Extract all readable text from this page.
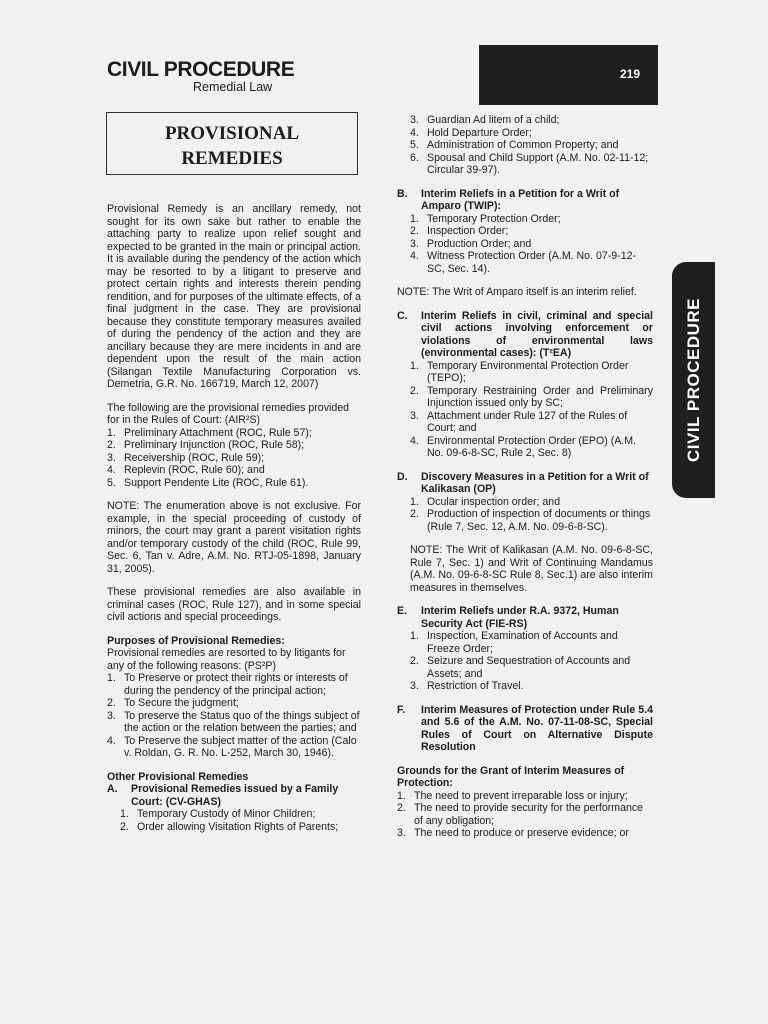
CIVIL PROCEDURE
Remedial Law
219
PROVISIONAL
REMEDIES
CIVIL PROCEDURE

Provisional Remedy is an ancillary remedy, not sought for its own sake but rather to enable the attaching party to realize upon relief sought and expected to be granted in the main or principal action. It is available during the pendency of the action which may be resorted to by a litigant to preserve and protect certain rights and interests therein pending rendition, and for purposes of the ultimate effects, of a final judgment in the case. They are provisional because they constitute temporary measures availed of during the pendency of the action and they are ancillary because they are mere incidents in and are dependent upon the result of the main action (Silangan Textile Manufacturing Corporation vs. Demetria, G.R. No. 166719, March 12, 2007)

The following are the provisional remedies provided for in the Rules of Court: (AIR²S)

1. Preliminary Attachment (ROC, Rule 57);
2. Preliminary Injunction (ROC, Rule 58);
3. Receivership (ROC, Rule 59);
4. Replevin (ROC, Rule 60); and
5. Support Pendente Lite (ROC, Rule 61).

NOTE: The enumeration above is not exclusive. For example, in the special proceeding of custody of minors, the court may grant a parent visitation rights and/or temporary custody of the child (ROC, Rule 99, Sec. 6, Tan v. Adre, A.M. No. RTJ-05-1898, January 31, 2005).

These provisional remedies are also available in criminal cases (ROC, Rule 127), and in some special civil actions and special proceedings.

Purposes of Provisional Remedies:

Provisional remedies are resorted to by litigants for any of the following reasons: (PS²P)

1. To Preserve or protect their rights or interests of during the pendency of the principal action;
2. To Secure the judgment;
3. To preserve the Status quo of the things subject of the action or the relation between the parties; and
4. To Preserve the subject matter of the action (Calo v. Roldan, G. R. No. L-252, March 30, 1946).

Other Provisional Remedies

A.	Provisional Remedies issued by a Family Court: (CV-GHAS)
1. Temporary Custody of Minor Children;
2. Order allowing Visitation Rights of Parents;
3. Guardian Ad litem of a child;
4. Hold Departure Order;
5. Administration of Common Property; and
6. Spousal and Child Support (A.M. No. 02-11-12; Circular 39-97).
B.	Interim Reliefs in a Petition for a Writ of Amparo (TWIP):
1. Temporary Protection Order;
2. Inspection Order;
3. Production Order; and
4. Witness Protection Order (A.M. No. 07-9-12-SC, Sec. 14).

NOTE: The Writ of Amparo itself is an interim relief.

C.	Interim Reliefs in civil, criminal and special civil actions involving enforcement or violations of environmental laws (environmental cases): (T²EA)
1. Temporary Environmental Protection Order (TEPO);
2. Temporary Restraining Order and Preliminary Injunction issued only by SC;
3. Attachment under Rule 127 of the Rules of Court; and
4. Environmental Protection Order (EPO) (A.M. No. 09-6-8-SC, Rule 2, Sec. 8)
D.	Discovery Measures in a Petition for a Writ of Kalikasan (OP)
1. Ocular inspection order; and
2. Production of inspection of documents or things (Rule 7, Sec. 12, A.M. No. 09-6-8-SC).

NOTE: The Writ of Kalikasan (A.M. No. 09-6-8-SC, Rule 7, Sec. 1) and Writ of Continuing Mandamus (A.M. No. 09-6-8-SC Rule 8, Sec.1) are also interim measures in themselves.

E.	Interim Reliefs under R.A. 9372, Human Security Act (FIE-RS)
1. Inspection, Examination of Accounts and Freeze Order;
2. Seizure and Sequestration of Accounts and Assets; and
3. Restriction of Travel.
F.	Interim Measures of Protection under Rule 5.4 and 5.6 of the A.M. No. 07-11-08-SC, Special Rules of Court on Alternative Dispute Resolution

Grounds for the Grant of Interim Measures of Protection:

1. The need to prevent irreparable loss or injury;
2. The need to provide security for the performance of any obligation;
3. The need to produce or preserve evidence; or
